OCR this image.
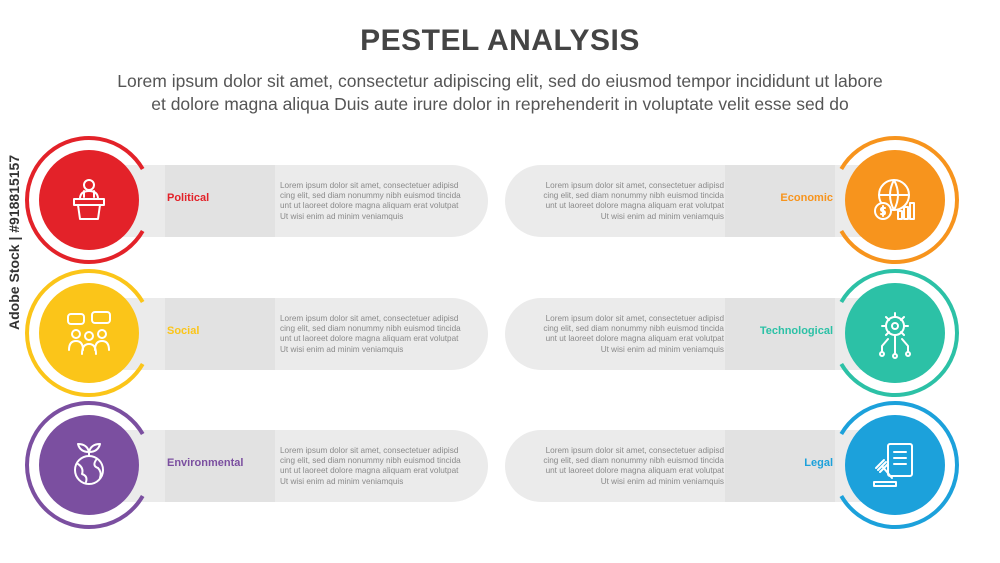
PESTEL ANALYSIS
Lorem ipsum dolor sit amet, consectetur adipiscing elit, sed do eiusmod tempor incididunt ut labore
et dolore magna aliqua Duis aute irure dolor in reprehenderit in voluptate velit esse sed do
Adobe Stock | #918815157	Political
Lorem ipsum dolor sit amet, consectetuer adipisd
cing elit, sed diam nonummy nibh euismod tincida
unt ut laoreet dolore magna aliquam erat volutpat
Ut wisi enim ad minim veniamquis
Social
Lorem ipsum dolor sit amet, consectetuer adipisd
cing elit, sed diam nonummy nibh euismod tincida
unt ut laoreet dolore magna aliquam erat volutpat
Ut wisi enim ad minim veniamquis
Environmental
Lorem ipsum dolor sit amet, consectetuer adipisd
cing elit, sed diam nonummy nibh euismod tincida
unt ut laoreet dolore magna aliquam erat volutpat
Ut wisi enim ad minim veniamquis
Economic
Lorem ipsum dolor sit amet, consectetuer adipisd
cing elit, sed diam nonummy nibh euismod tincida
unt ut laoreet dolore magna aliquam erat volutpat
Ut wisi enim ad minim veniamquis
Technological
Lorem ipsum dolor sit amet, consectetuer adipisd
cing elit, sed diam nonummy nibh euismod tincida
unt ut laoreet dolore magna aliquam erat volutpat
Ut wisi enim ad minim veniamquis
Legal
Lorem ipsum dolor sit amet, consectetuer adipisd
cing elit, sed diam nonummy nibh euismod tincida
unt ut laoreet dolore magna aliquam erat volutpat
Ut wisi enim ad minim veniamquis
